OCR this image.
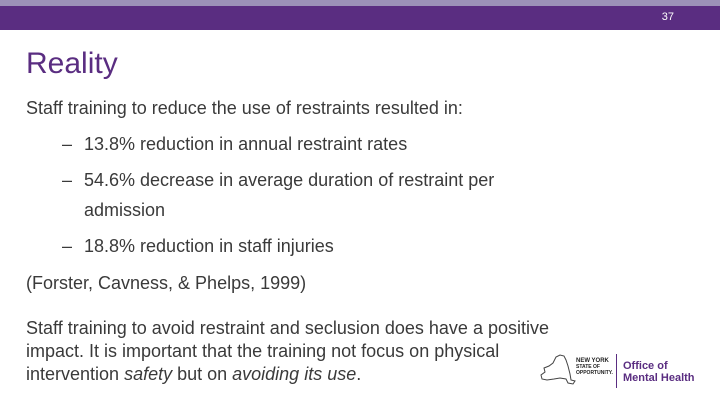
37
Reality
Staff training to reduce the use of restraints resulted in:
– 13.8% reduction in annual restraint rates
– 54.6% decrease in average duration of restraint per admission
– 18.8% reduction in staff injuries
(Forster, Cavness, & Phelps, 1999)
Staff training to avoid restraint and seclusion does have a positive impact. It is important that the training not focus on physical intervention safety but on avoiding its use.
NEW YORK
STATE OF
OPPORTUNITY.
Office of
Mental Health
